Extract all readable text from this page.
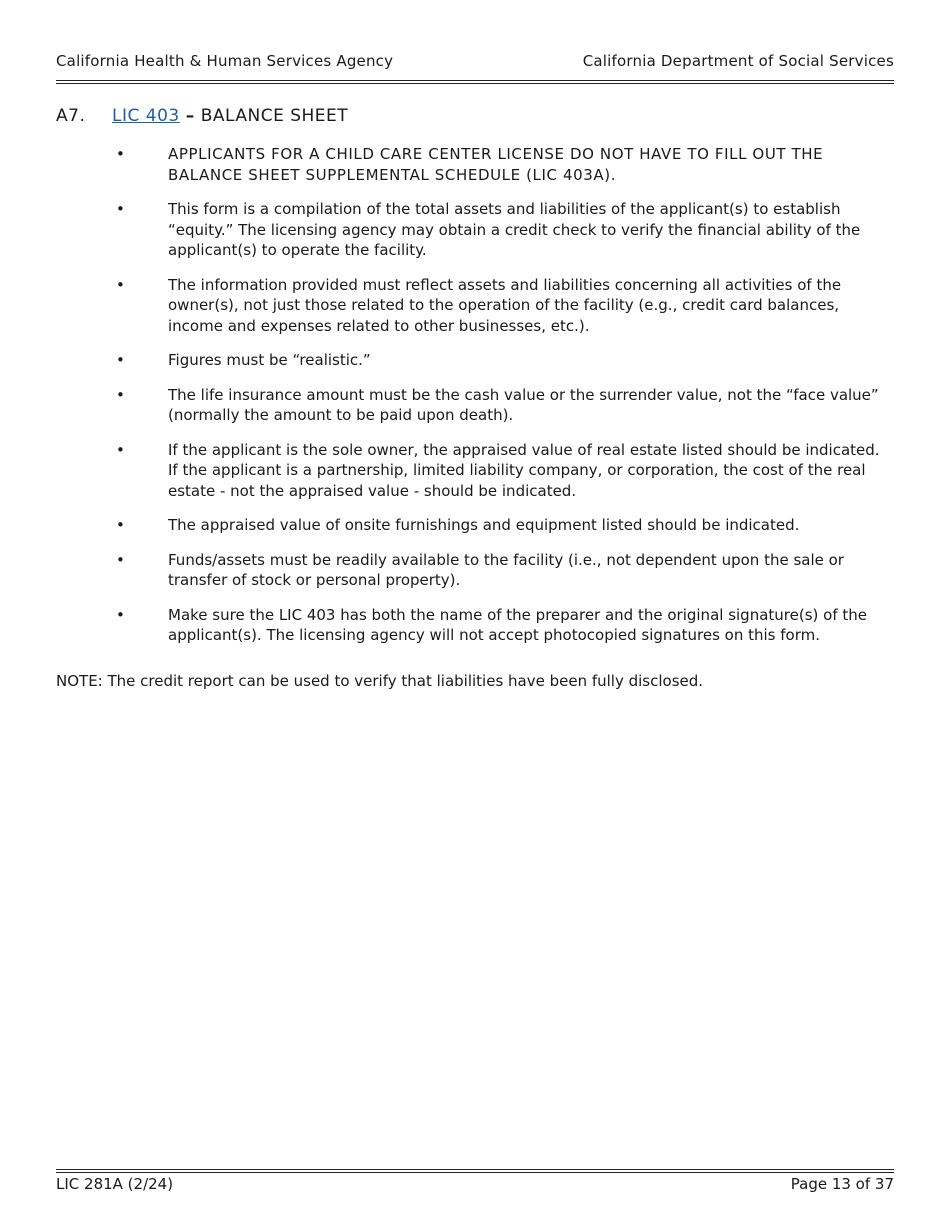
California Health & Human Services Agency	California Department of Social Services
A7.	LIC 403 – BALANCE SHEET
•	APPLICANTS FOR A CHILD CARE CENTER LICENSE DO NOT HAVE TO FILL OUT THE BALANCE SHEET SUPPLEMENTAL SCHEDULE (LIC 403A).
•	This form is a compilation of the total assets and liabilities of the applicant(s) to establish “equity.” The licensing agency may obtain a credit check to verify the financial ability of the applicant(s) to operate the facility.
•	The information provided must reflect assets and liabilities concerning all activities of the owner(s), not just those related to the operation of the facility (e.g., credit card balances, income and expenses related to other businesses, etc.).
•	Figures must be “realistic.”
•	The life insurance amount must be the cash value or the surrender value, not the “face value” (normally the amount to be paid upon death).
•	If the applicant is the sole owner, the appraised value of real estate listed should be indicated. If the applicant is a partnership, limited liability company, or corporation, the cost of the real estate - not the appraised value - should be indicated.
•	The appraised value of onsite furnishings and equipment listed should be indicated.
•	Funds/assets must be readily available to the facility (i.e., not dependent upon the sale or transfer of stock or personal property).
•	Make sure the LIC 403 has both the name of the preparer and the original signature(s) of the applicant(s). The licensing agency will not accept photocopied signatures on this form.
NOTE: The credit report can be used to verify that liabilities have been fully disclosed.
LIC 281A (2/24)	Page 13 of 37
